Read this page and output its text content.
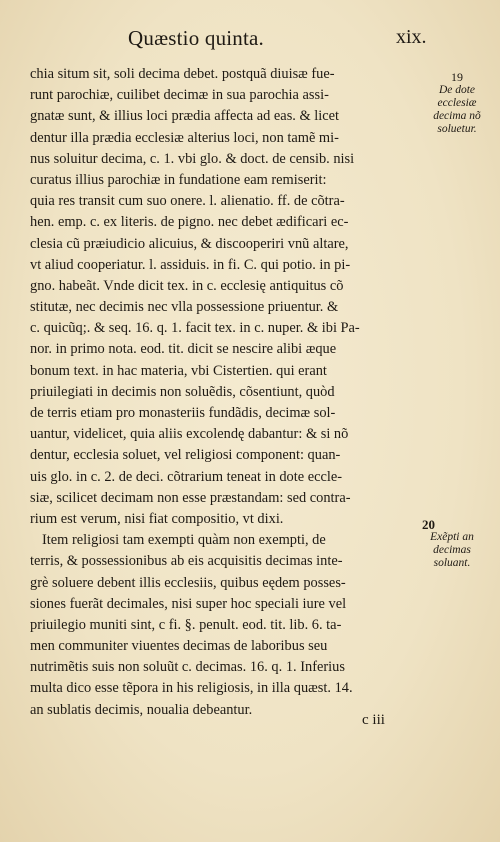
Quæstio quinta.	xix.
chia situm sit, soli decima debet. postquã diuisæ fue-
runt parochiæ, cuilibet decimæ in sua parochia assi-
gnatæ sunt, & illius loci prædia affecta ad eas. & licet
dentur illa prædia ecclesiæ alterius loci, non tamẽ mi-
nus soluitur decima, c. 1. vbi glo. & doct. de censib. nisi
curatus illius parochiæ in fundatione eam remiserit:
quia res transit cum suo onere. l. alienatio. ff. de cõtra-
hen. emp. c. ex literis. de pigno. nec debet ædificari ec-
clesia cũ præiudicio alicuius, & discooperiri vnũ altare,
vt aliud cooperiatur. l. assiduis. in fi. C. qui potio. in pi-
gno. habeãt. Vnde dicit tex. in c. ecclesię antiquitus cõ
stitutæ, nec decimis nec vlla possessione priuentur. &
c. quicũq;. & seq. 16. q. 1. facit tex. in c. nuper. & ibi Pa-
nor. in primo nota. eod. tit. dicit se nescire alibi æque
bonum text. in hac materia, vbi Cistertien. qui erant
priuilegiati in decimis non soluẽdis, cõsentiunt, quòd
de terris etiam pro monasteriis fundãdis, decimæ sol-
uantur, videlicet, quia aliis excolendę dabantur: & si nõ
dentur, ecclesia soluet, vel religiosi component: quan-
uis glo. in c. 2. de deci. cõtrarium teneat in dote eccle-
siæ, scilicet decimam non esse præstandam: sed contra-
rium est verum, nisi fiat compositio, vt dixi.
Item religiosi tam exempti quàm non exempti, de
terris, & possessionibus ab eis acquisitis decimas inte-
grè soluere debent illis ecclesiis, quibus eędem posses-
siones fuerãt decimales, nisi super hoc speciali iure vel
priuilegio muniti sint, c fi. §. penult. eod. tit. lib. 6. ta-
men communiter viuentes decimas de laboribus seu
nutrimẽtis suis non soluũt c. decimas. 16. q. 1. Inferius
multa dico esse tẽpora in his religiosis, in illa quæst. 14.
an sublatis decimis, noualia debeantur.
19
De dote
ecclesiæ
decima nõ
soluetur.
20
Exẽpti an
decimas
soluant.
c iii
